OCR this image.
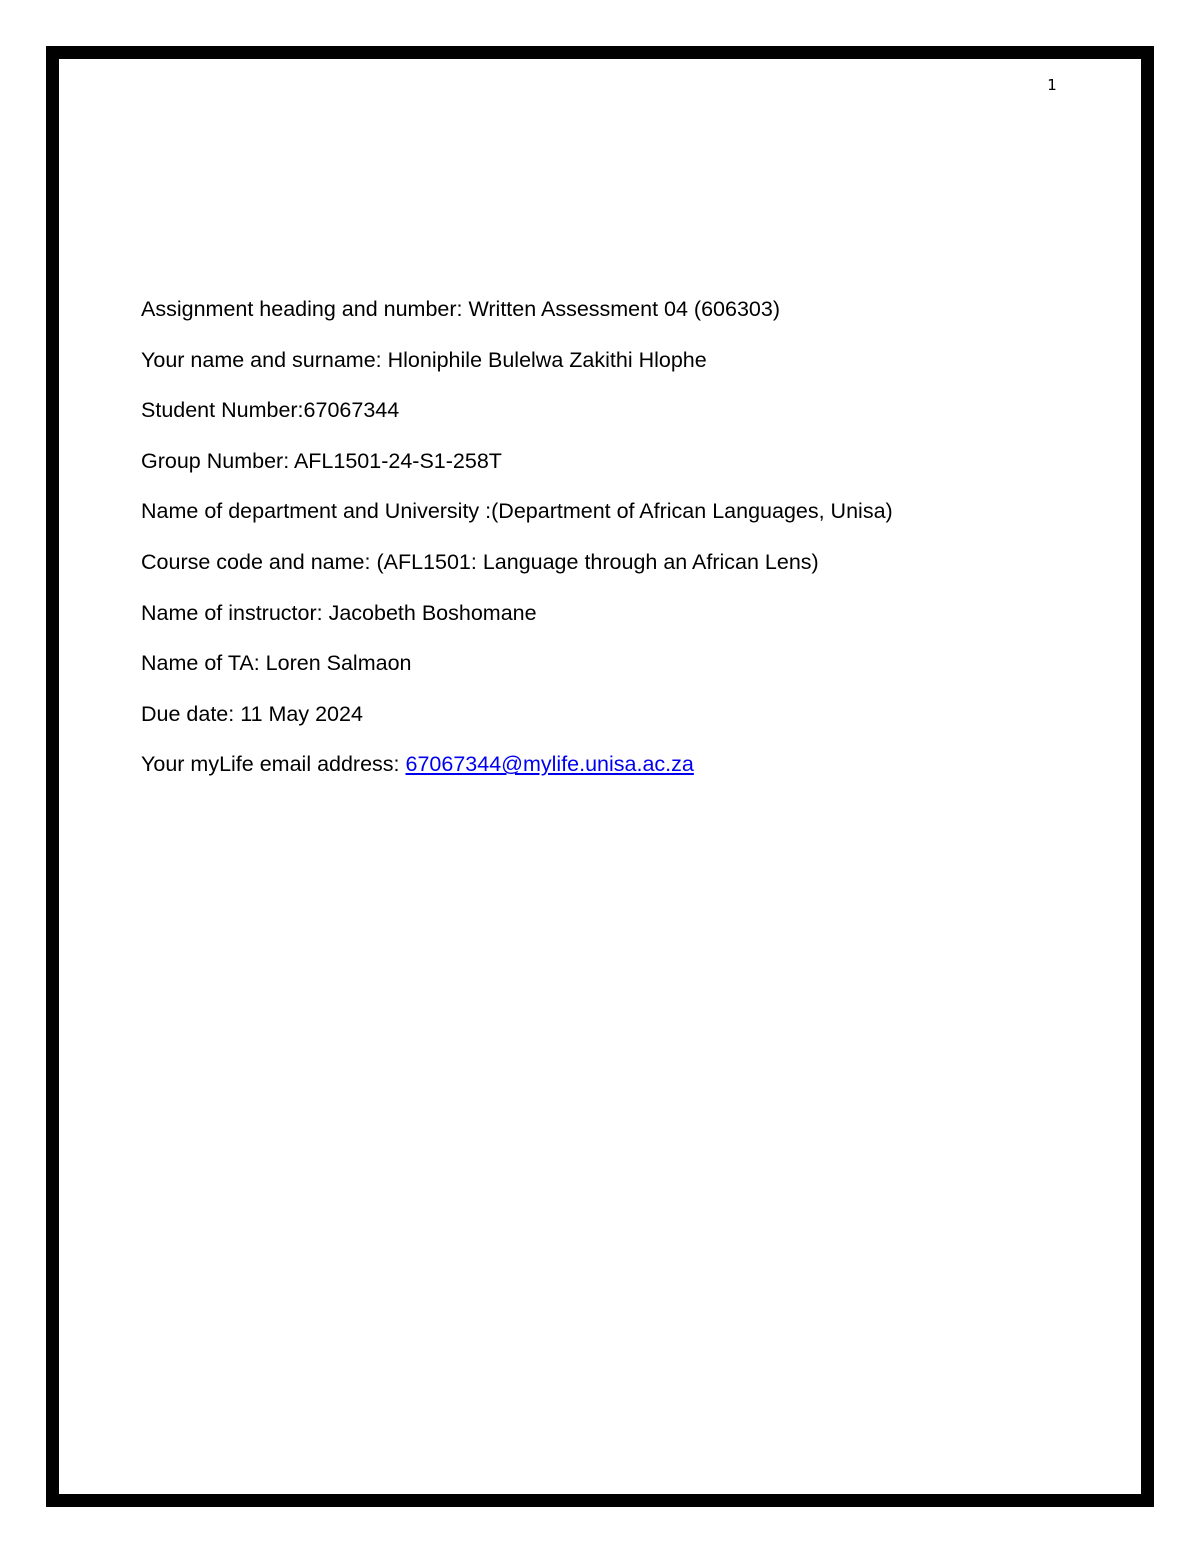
1
Assignment heading and number: Written Assessment 04 (606303)
Your name and surname: Hloniphile Bulelwa Zakithi Hlophe
Student Number:67067344
Group Number: AFL1501-24-S1-258T
Name of department and University :(Department of African Languages, Unisa)
Course code and name: (AFL1501: Language through an African Lens)
Name of instructor: Jacobeth Boshomane
Name of TA: Loren Salmaon
Due date: 11 May 2024
Your myLife email address: 67067344@mylife.unisa.ac.za
